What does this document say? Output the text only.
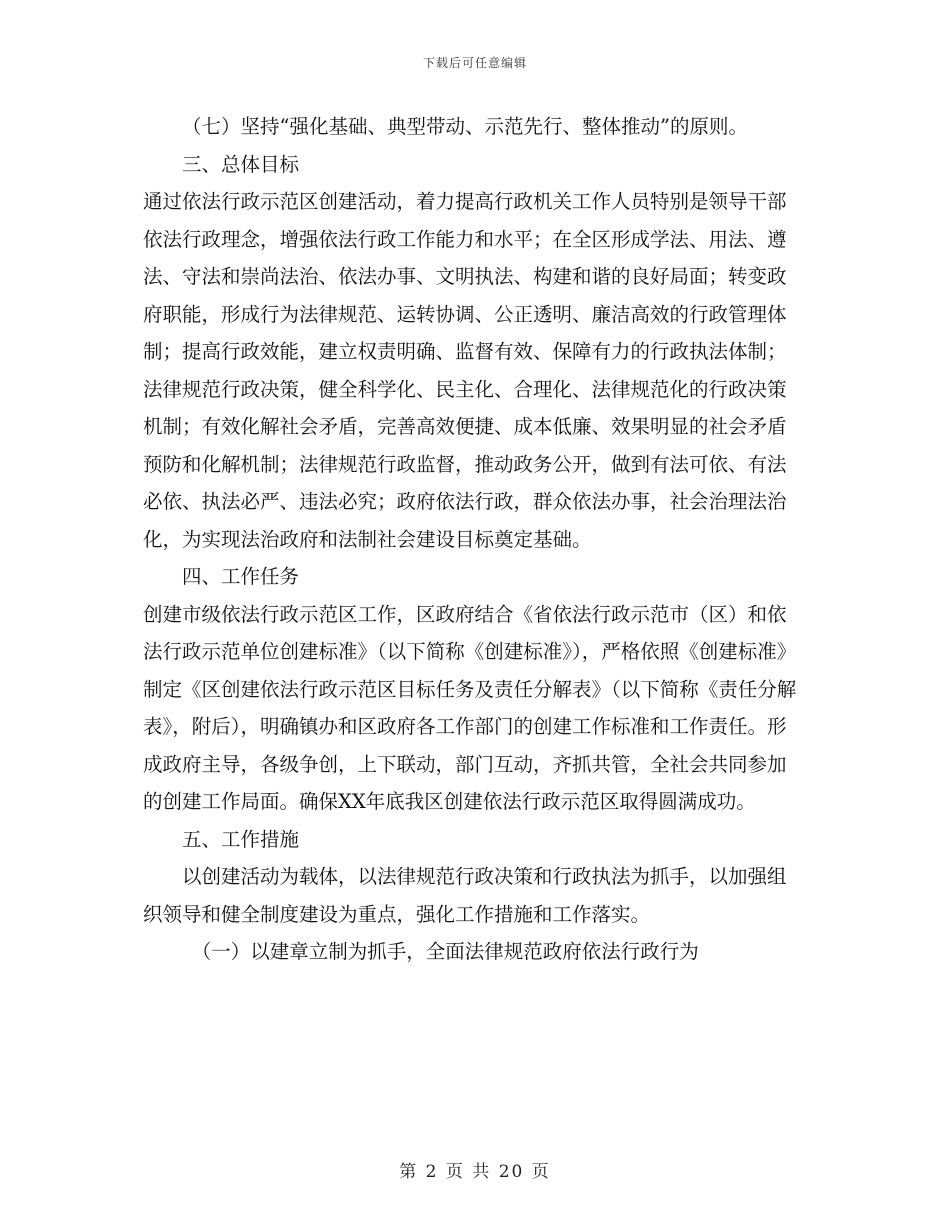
下载后可任意编辑

（七）坚持“强化基础、典型带动、示范先行、整体推动”的原则。

三、总体目标

通过依法行政示范区创建活动，着力提高行政机关工作人员特别是领导干部依法行政理念，增强依法行政工作能力和水平；在全区形成学法、用法、遵法、守法和崇尚法治、依法办事、文明执法、构建和谐的良好局面；转变政府职能，形成行为法律规范、运转协调、公正透明、廉洁高效的行政管理体制；提高行政效能，建立权责明确、监督有效、保障有力的行政执法体制；法律规范行政决策，健全科学化、民主化、合理化、法律规范化的行政决策机制；有效化解社会矛盾，完善高效便捷、成本低廉、效果明显的社会矛盾预防和化解机制；法律规范行政监督，推动政务公开，做到有法可依、有法必依、执法必严、违法必究；政府依法行政，群众依法办事，社会治理法治化，为实现法治政府和法制社会建设目标奠定基础。

四、工作任务

创建市级依法行政示范区工作，区政府结合《省依法行政示范市（区）和依法行政示范单位创建标准》（以下简称《创建标准》），严格依照《创建标准》制定《区创建依法行政示范区目标任务及责任分解表》（以下简称《责任分解表》，附后），明确镇办和区政府各工作部门的创建工作标准和工作责任。形成政府主导，各级争创，上下联动，部门互动，齐抓共管，全社会共同参加的创建工作局面。确保XX年底我区创建依法行政示范区取得圆满成功。

五、工作措施

以创建活动为载体，以法律规范行政决策和行政执法为抓手，以加强组织领导和健全制度建设为重点，强化工作措施和工作落实。

（一）以建章立制为抓手，全面法律规范政府依法行政行为

第 2 页 共 20 页
